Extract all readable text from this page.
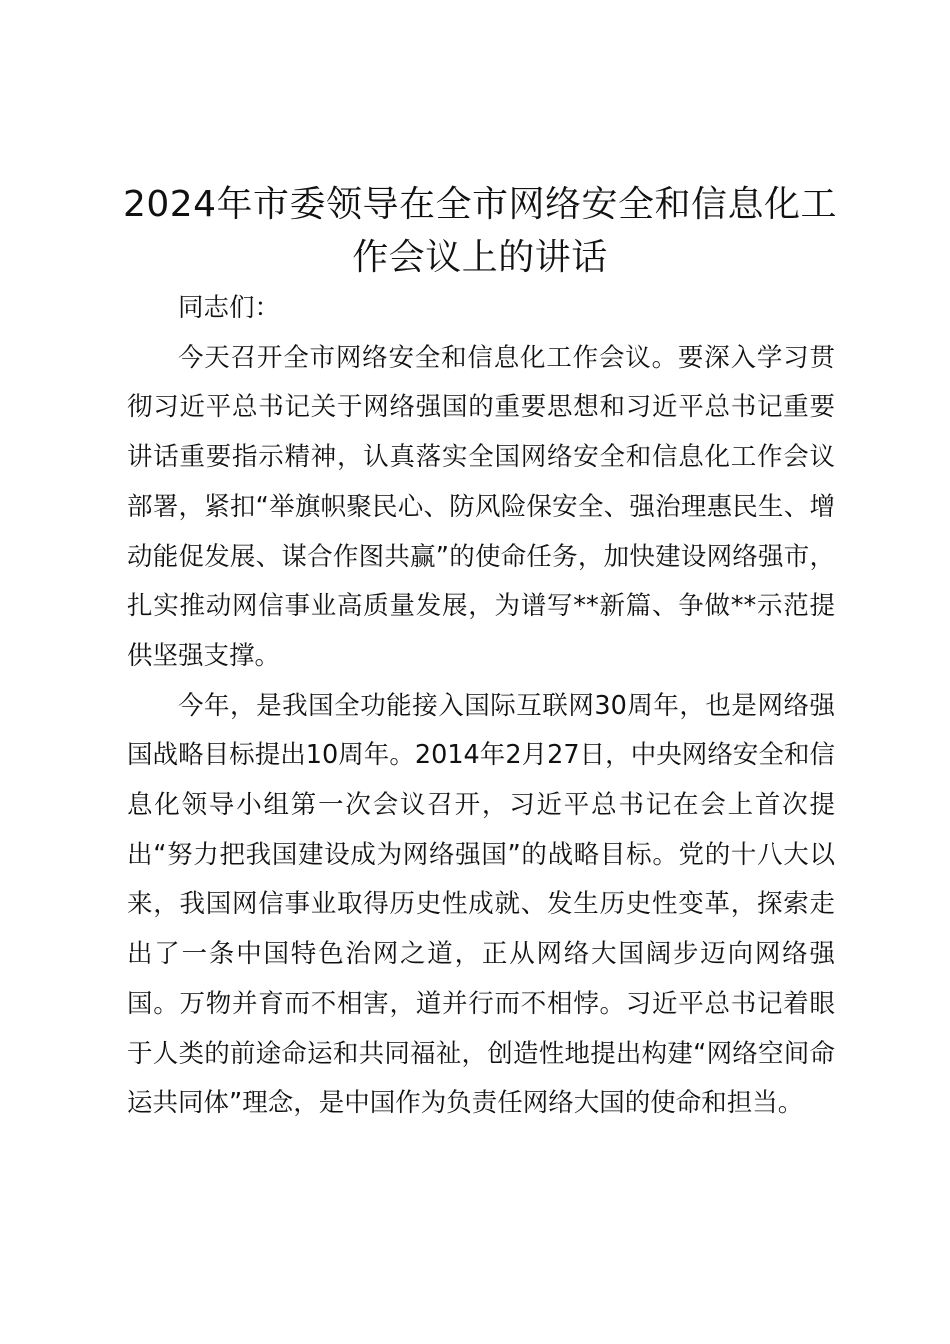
2024年市委领导在全市网络安全和信息化工作会议上的讲话

同志们：

今天召开全市网络安全和信息化工作会议。要深入学习贯彻习近平总书记关于网络强国的重要思想和习近平总书记重要讲话重要指示精神，认真落实全国网络安全和信息化工作会议部署，紧扣“举旗帜聚民心、防风险保安全、强治理惠民生、增动能促发展、谋合作图共赢”的使命任务，加快建设网络强市，扎实推动网信事业高质量发展，为谱写**新篇、争做**示范提供坚强支撑。

今年，是我国全功能接入国际互联网30周年，也是网络强国战略目标提出10周年。2014年2月27日，中央网络安全和信息化领导小组第一次会议召开，习近平总书记在会上首次提出“努力把我国建设成为网络强国”的战略目标。党的十八大以来，我国网信事业取得历史性成就、发生历史性变革，探索走出了一条中国特色治网之道，正从网络大国阔步迈向网络强国。万物并育而不相害，道并行而不相悖。习近平总书记着眼于人类的前途命运和共同福祉，创造性地提出构建“网络空间命运共同体”理念，是中国作为负责任网络大国的使命和担当。
